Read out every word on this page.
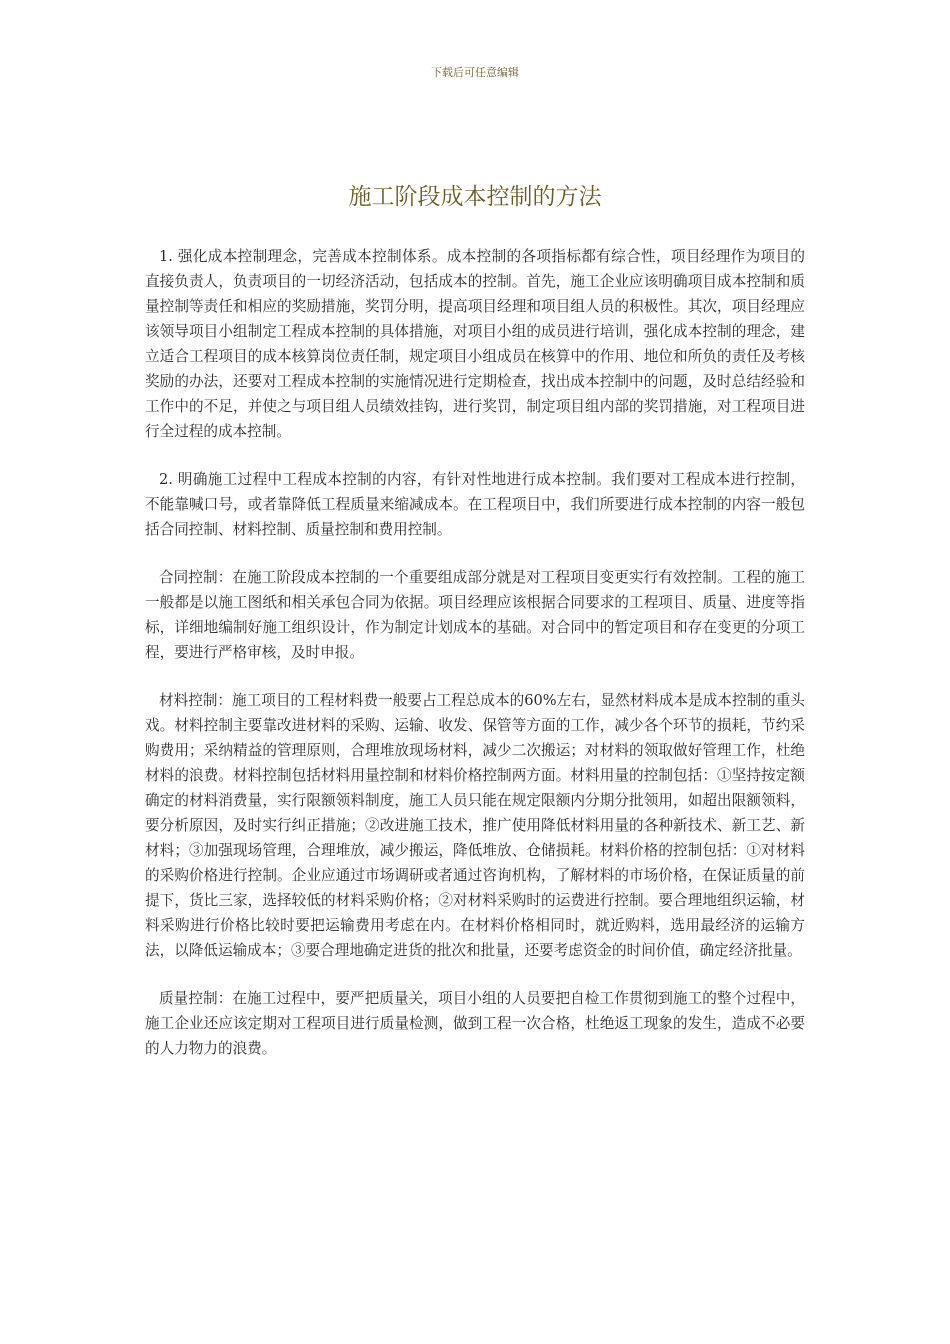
下载后可任意编辑
施工阶段成本控制的方法

1. 强化成本控制理念，完善成本控制体系。成本控制的各项指标都有综合性，项目经理作为项目的直接负责人，负责项目的一切经济活动，包括成本的控制。首先，施工企业应该明确项目成本控制和质量控制等责任和相应的奖励措施，奖罚分明，提高项目经理和项目组人员的积极性。其次，项目经理应该领导项目小组制定工程成本控制的具体措施，对项目小组的成员进行培训，强化成本控制的理念，建立适合工程项目的成本核算岗位责任制，规定项目小组成员在核算中的作用、地位和所负的责任及考核奖励的办法，还要对工程成本控制的实施情况进行定期检查，找出成本控制中的问题，及时总结经验和工作中的不足，并使之与项目组人员绩效挂钩，进行奖罚，制定项目组内部的奖罚措施，对工程项目进行全过程的成本控制。

2. 明确施工过程中工程成本控制的内容，有针对性地进行成本控制。我们要对工程成本进行控制，不能靠喊口号，或者靠降低工程质量来缩减成本。在工程项目中，我们所要进行成本控制的内容一般包括合同控制、材料控制、质量控制和费用控制。

合同控制：在施工阶段成本控制的一个重要组成部分就是对工程项目变更实行有效控制。工程的施工一般都是以施工图纸和相关承包合同为依据。项目经理应该根据合同要求的工程项目、质量、进度等指标，详细地编制好施工组织设计，作为制定计划成本的基础。对合同中的暂定项目和存在变更的分项工程，要进行严格审核，及时申报。

材料控制：施工项目的工程材料费一般要占工程总成本的60%左右，显然材料成本是成本控制的重头戏。材料控制主要靠改进材料的采购、运输、收发、保管等方面的工作，减少各个环节的损耗，节约采购费用；采纳精益的管理原则，合理堆放现场材料，减少二次搬运；对材料的领取做好管理工作，杜绝材料的浪费。材料控制包括材料用量控制和材料价格控制两方面。材料用量的控制包括：①坚持按定额确定的材料消费量，实行限额领料制度，施工人员只能在规定限额内分期分批领用，如超出限额领料，要分析原因，及时实行纠正措施；②改进施工技术，推广使用降低材料用量的各种新技术、新工艺、新材料；③加强现场管理，合理堆放，减少搬运，降低堆放、仓储损耗。材料价格的控制包括：①对材料的采购价格进行控制。企业应通过市场调研或者通过咨询机构，了解材料的市场价格，在保证质量的前提下，货比三家，选择较低的材料采购价格；②对材料采购时的运费进行控制。要合理地组织运输，材料采购进行价格比较时要把运输费用考虑在内。在材料价格相同时，就近购料，选用最经济的运输方法，以降低运输成本；③要合理地确定进货的批次和批量，还要考虑资金的时间价值，确定经济批量。

质量控制：在施工过程中，要严把质量关，项目小组的人员要把自检工作贯彻到施工的整个过程中，施工企业还应该定期对工程项目进行质量检测，做到工程一次合格，杜绝返工现象的发生，造成不必要的人力物力的浪费。
